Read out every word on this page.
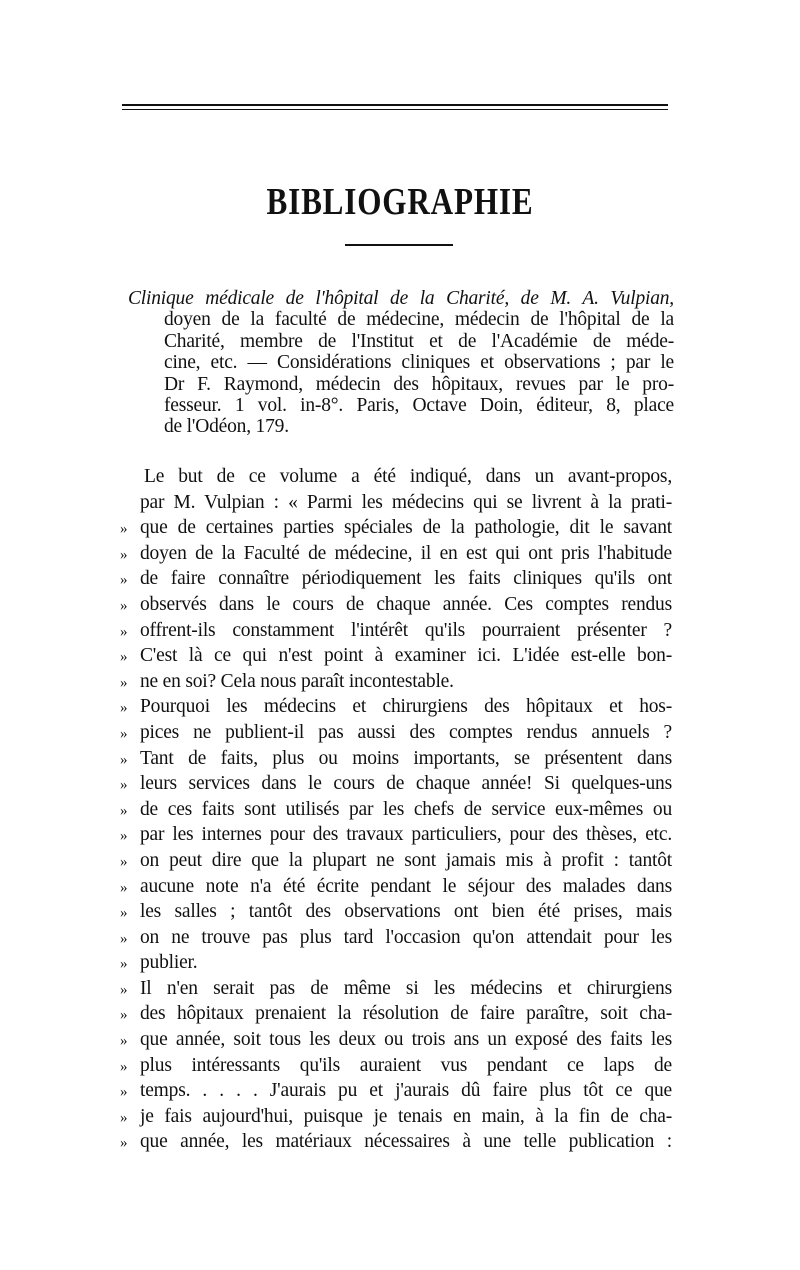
BIBLIOGRAPHIE
Clinique médicale de l'hôpital de la Charité, de M. A. Vulpian,
doyen de la faculté de médecine, médecin de l'hôpital de la
Charité, membre de l'Institut et de l'Académie de méde-
cine, etc. — Considérations cliniques et observations ; par le
Dr F. Raymond, médecin des hôpitaux, revues par le pro-
fesseur. 1 vol. in-8°. Paris, Octave Doin, éditeur, 8, place
de l'Odéon, 179.
Le but de ce volume a été indiqué, dans un avant-propos,
par M. Vulpian : « Parmi les médecins qui se livrent à la prati-
» que de certaines parties spéciales de la pathologie, dit le savant
» doyen de la Faculté de médecine, il en est qui ont pris l'habitude
» de faire connaître périodiquement les faits cliniques qu'ils ont
» observés dans le cours de chaque année. Ces comptes rendus
» offrent-ils constamment l'intérêt qu'ils pourraient présenter ?
» C'est là ce qui n'est point à examiner ici. L'idée est-elle bon-
» ne en soi? Cela nous paraît incontestable.
» Pourquoi les médecins et chirurgiens des hôpitaux et hos-
» pices ne publient-il pas aussi des comptes rendus annuels ?
» Tant de faits, plus ou moins importants, se présentent dans
» leurs services dans le cours de chaque année! Si quelques-uns
» de ces faits sont utilisés par les chefs de service eux-mêmes ou
» par les internes pour des travaux particuliers, pour des thèses, etc.
» on peut dire que la plupart ne sont jamais mis à profit : tantôt
» aucune note n'a été écrite pendant le séjour des malades dans
» les salles ; tantôt des observations ont bien été prises, mais
» on ne trouve pas plus tard l'occasion qu'on attendait pour les
» publier.
» Il n'en serait pas de même si les médecins et chirurgiens
» des hôpitaux prenaient la résolution de faire paraître, soit cha-
» que année, soit tous les deux ou trois ans un exposé des faits les
» plus intéressants qu'ils auraient vus pendant ce laps de
» temps. . . . . J'aurais pu et j'aurais dû faire plus tôt ce que
» je fais aujourd'hui, puisque je tenais en main, à la fin de cha-
» que année, les matériaux nécessaires à une telle publication :
